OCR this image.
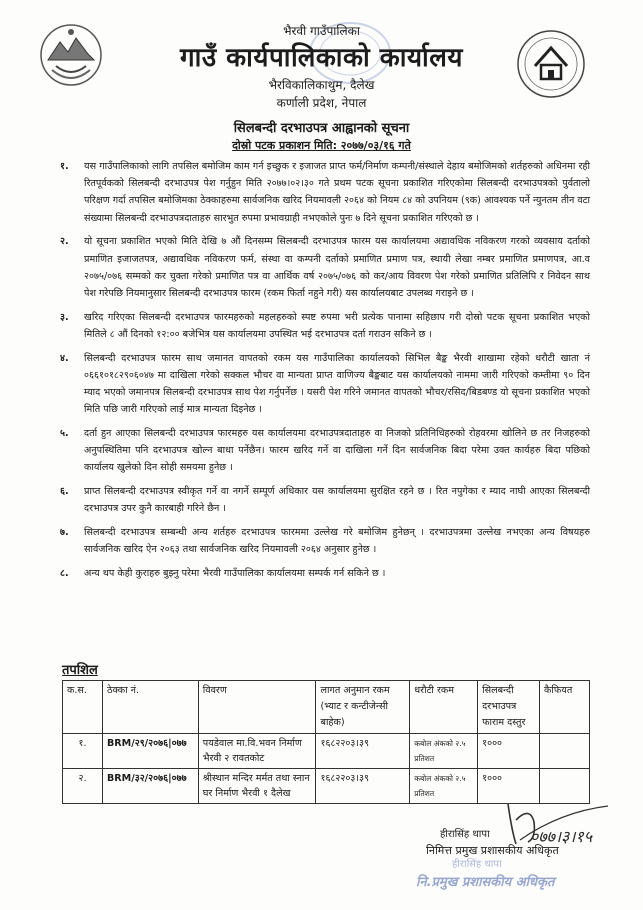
भैरवी गाउँपालिका
गाउँ कार्यपालिकाको कार्यालय
भैरविकालिकाथुम, दैलेख
कर्णाली प्रदेश, नेपाल
सिलबन्दी दरभाउपत्र आह्वानको सूचना
दोस्रो पटक प्रकाशन मिति: २०७७/०३/१६ गते
१.	यस गाउँपालिकाको लागि तपसिल बमोजिम काम गर्न इच्छुक र इजाजत प्राप्त फर्म/निर्माण कम्पनी/संस्थाले देहाय बमोजिमको शर्तहरुको अधिनमा रही रितपूर्वकको सिलबन्दी दरभाउपत्र पेश गर्नुहुन मिति २०७७।०२।३० गते प्रथम पटक सूचना प्रकाशित गरिएकोमा सिलबन्दी दरभाउपत्रको पुर्वतालो परिक्षण गर्दा तपसिल बमोजिमका ठेक्काहरुमा सार्वजनिक खरिद नियमावली २०६४ को नियम ८४ को उपनियम (९क) आवश्यक पर्ने न्युनतम तीन वटा संख्यामा सिलबन्दी दरभाउपत्रदाताहरु सारभुत रुपमा प्रभावग्राही नभएकोले पुनः ७ दिने सूचना प्रकाशित गरिएको छ ।
२.	यो सूचना प्रकाशित भएको मिति देखि ७ औं दिनसम्म सिलबन्दी दरभाउपत्र फारम यस कार्यालयमा अद्यावधिक नविकरण गरको व्यवसाय दर्ताको प्रमाणित इजाजतपत्र, अद्यावधिक नविकरण फर्म, संस्था वा कम्पनी दर्ताको प्रमाणित प्रमाण पत्र, स्थायी लेखा नम्बर प्रमाणित प्रमाणपत्र, आ.व २०७५/०७६ सम्मको कर चुक्ता गरेको प्रमाणित पत्र वा आर्थिक वर्ष २०७५/०७६ को कर/आय विवरण पेश गरेको प्रमाणित प्रतिलिपि र निवेदन साथ पेश गरेपछि नियमानुसार सिलबन्दी दरभाउपत्र फारम (रकम फिर्ता नहुने गरी) यस कार्यालयबाट उपलब्ध गराइने छ ।
३.	खरिद गरिएका सिलबन्दी दरभाउपत्र फारमहरुको महलहरुको स्पष्ट रुपमा भरी प्रत्येक पानामा सहिछाप गरी दोस्रो पटक सूचना प्रकाशित भएको मितिले ८ औं दिनको १२:०० बजेभित्र यस कार्यालयमा उपस्थित भई दरभाउपत्र दर्ता गराउन सकिने छ ।
४.	सिलबन्दी दरभाउपत्र फारम साथ जमानत वापतको रकम यस गाउँपालिका कार्यालयको सिभिल बैङ्क भैरवी शाखामा रहेको धरौटी खाता नं ०६६१०१८२९०६०४७ मा दाखिला गरेको सक्कल भौचर वा मान्यता प्राप्त वाणिज्य बैङ्कबाट यस कार्यालयको नाममा जारी गरिएको कम्तीमा ९० दिन म्याद भएको जमानपत्र सिलबन्दी दरभाउपत्र साथ पेश गर्नुपर्नेछ । यसरी पेश गरिने जमानत वापतको भौचर/रसिद/बिडबण्ड यो सूचना प्रकाशित भएको मिति पछि जारी गरिएको लाई मात्र मान्यता दिइनेछ ।
५.	दर्ता हुन आएका सिलबन्दी दरभाउपत्र फारमहरु यस कार्यालयमा दरभाउपत्रदाताहरु वा निजको प्रतिनिधिहरुको रोहवरमा खोलिने छ तर निजहरुको अनुपस्थितिमा पनि दरभाउपत्र खोल्न बाधा पर्नेछैन। फारम खरिद गर्ने वा दाखिला गर्ने दिन सार्वजनिक बिदा परेमा उक्त कार्यहरु बिदा पछिको कार्यालय खुलेको दिन सोही समयमा हुनेछ ।
६.	प्राप्त सिलबन्दी दरभाउपत्र स्वीकृत गर्ने वा नगर्ने सम्पूर्ण अधिकार यस कार्यालयमा सुरक्षित रहने छ । रित नपुगेका र म्याद नाघी आएका सिलबन्दी दरभाउपत्र उपर कुनै कारबाही गरिने छैन ।
७.	सिलबन्दी दरभाउपत्र सम्बन्धी अन्य शर्तहरु दरभाउपत्र फारममा उल्लेख गरे बमोजिम हुनेछन् । दरभाउपत्रमा उल्लेख नभएका अन्य विषयहरु सार्वजनिक खरिद ऐन २०६३ तथा सार्वजनिक खरिद नियमावली २०६४ अनुसार हुनेछ ।
८.	अन्य थप केही कुराहरु बुझ्नु परेमा भैरवी गाउँपालिका कार्यालयमा सम्पर्क गर्न सकिने छ ।
तपशिल
क.स.	ठेक्का नं.	विवरण	लागत अनुमान रकम (भ्याट र कन्टीजेन्सी बाहेक)	धरौटी रकम	सिलबन्दी दरभाउपत्र फाराम दस्तुर	कैफियत
१.	BRM/२९/२०७६|०७७	पयडेवाल मा.वि.भवन निर्माण भैरवी २ रावतकोट	१६८२२०३।३९	कबोल अंकको २.५ प्रतिशत	१०००	
२.	BRM/३२/२०७६|०७७	श्रीस्थान मन्दिर मर्मत तथा स्नान घर निर्माण भैरवी १ दैलेख	१६८२२०३।३९	कबोल अंकको २.५ प्रतिशत	१०००	
०७७।३।१५
हीरासिंह थापा
निमित्त प्रमुख प्रशासकीय अधिकृत
हीरासिंह थापा
नि.प्रमुख प्रशासकीय अधिकृत
